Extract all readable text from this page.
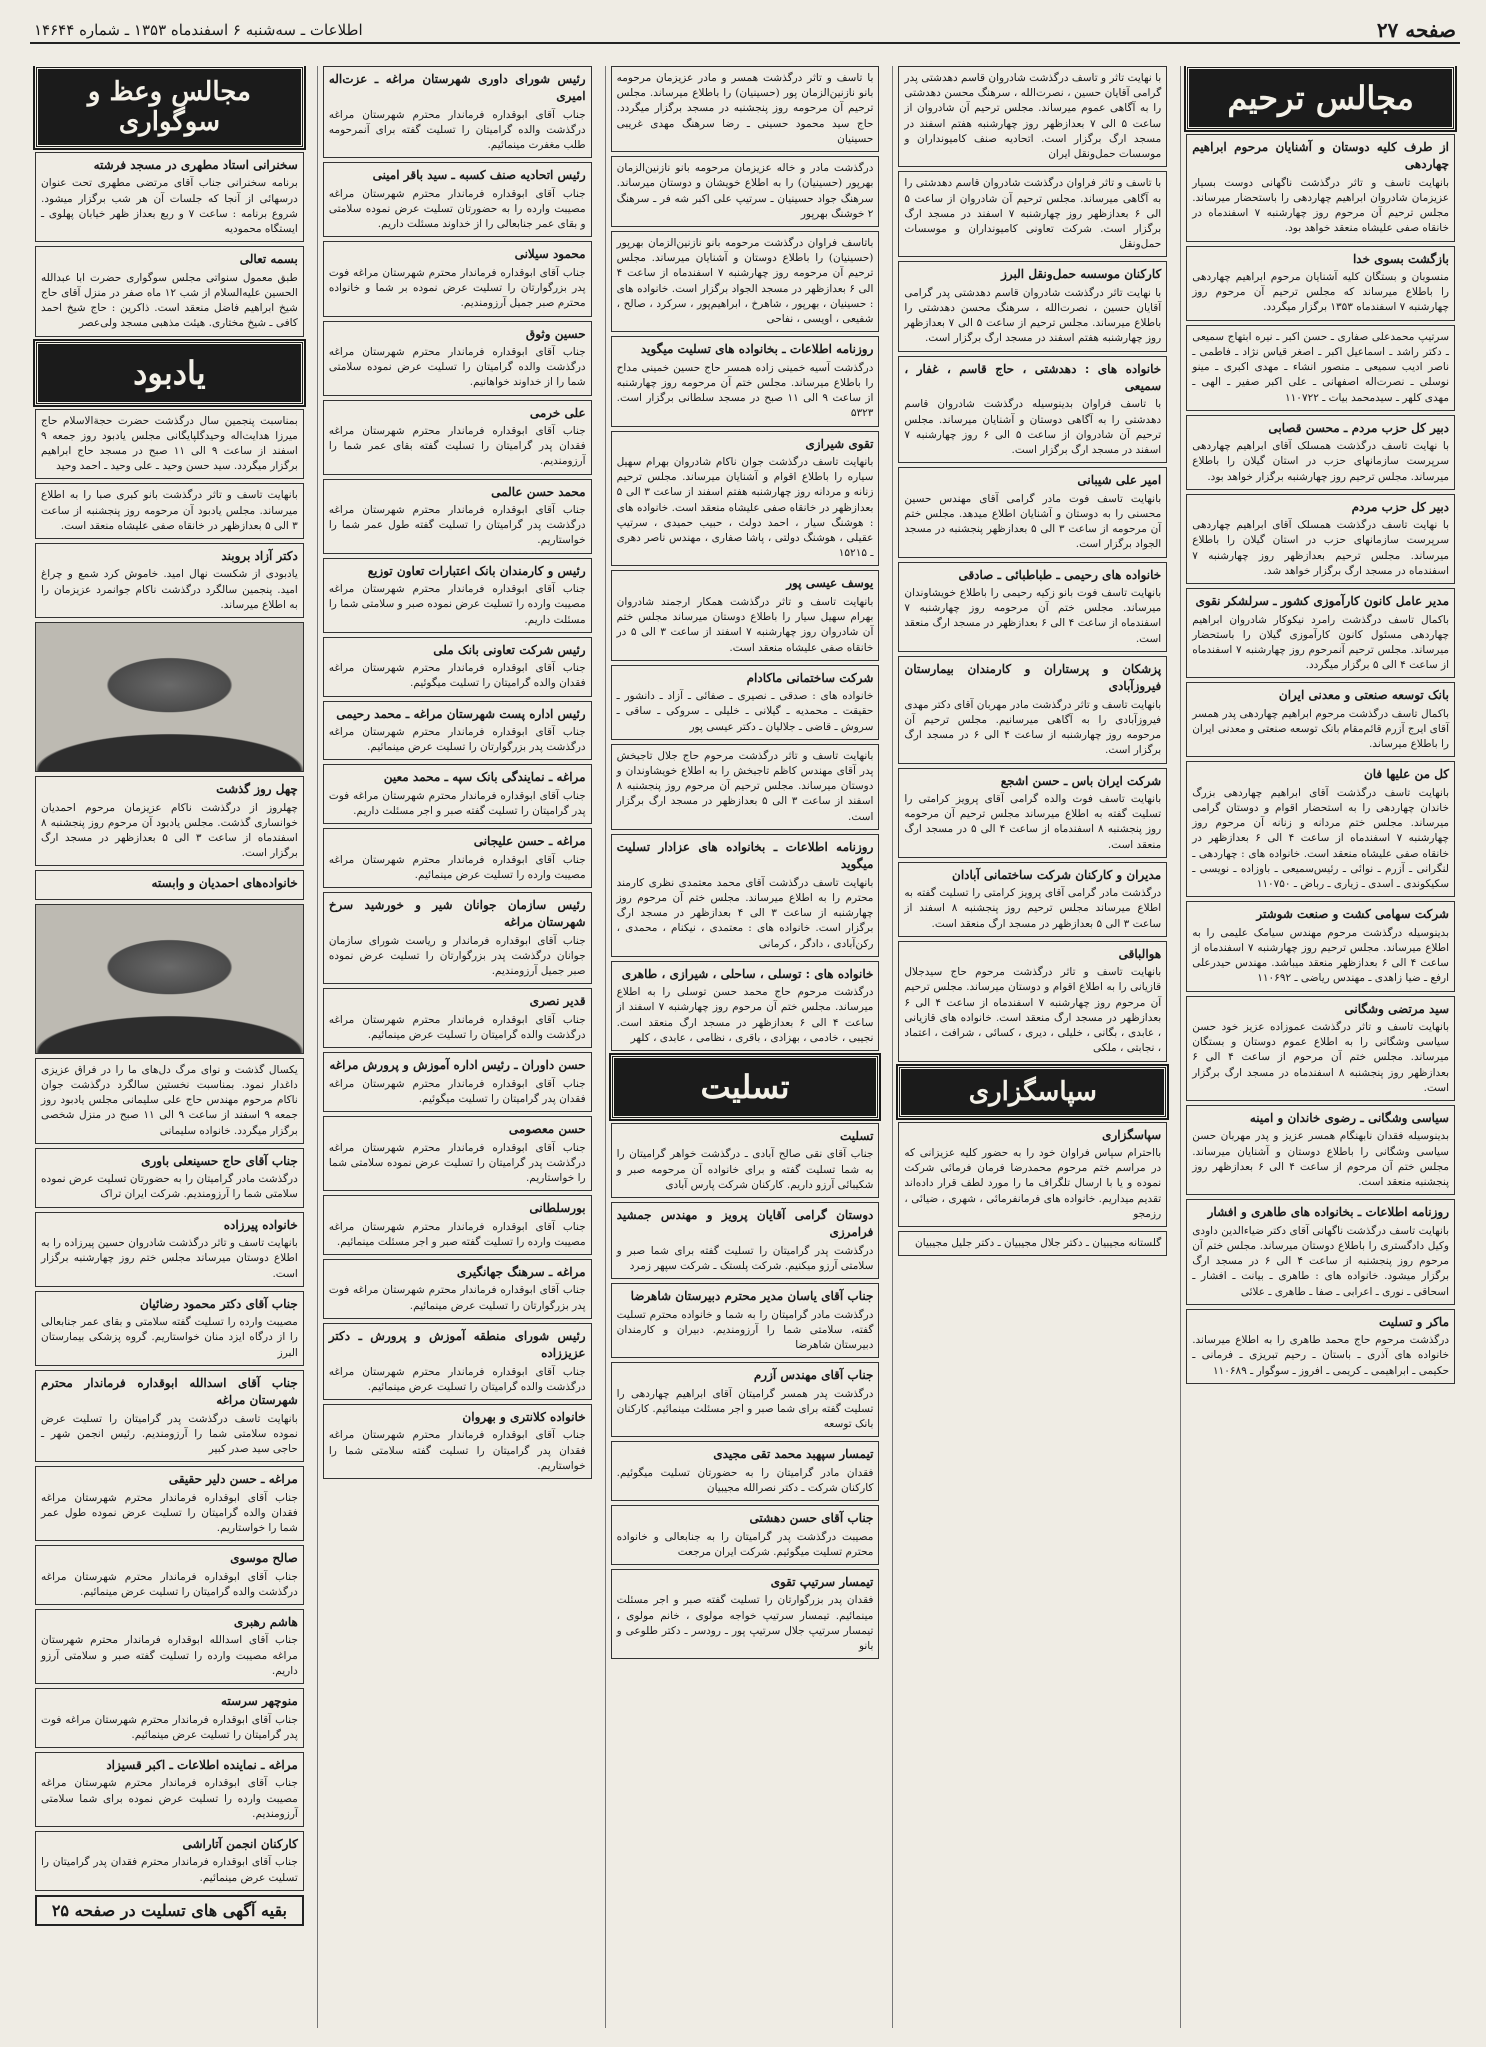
صفحه ۲۷
اطلاعات ـ سه‌شنبه ۶ اسفندماه ۱۳۵۳ ـ شماره ۱۴۶۴۴
مجالس ترحیم
از طرف کلیه دوستان و آشنایان مرحوم ابراهیم چهاردهی
بانهایت تاسف و تاثر درگذشت ناگهانی دوست بسیار عزیزمان شادروان ابراهیم چهاردهی را باستحضار میرساند. مجلس ترحیم آن مرحوم روز چهارشنبه ۷ اسفندماه در خانقاه صفی علیشاه منعقد خواهد بود.
بازگشت بسوی خدا
منسوبان و بستگان کلیه آشنایان مرحوم ابراهیم چهاردهی را باطلاع میرساند که مجلس ترحیم آن مرحوم روز چهارشنبه ۷ اسفندماه ۱۳۵۳ برگزار میگردد.
سرتیپ محمدعلی صفاری ـ حسن اکبر ـ نیره ابتهاج سمیعی ـ دکتر راشد ـ اسماعیل اکبر ـ اصغر قیاس نژاد ـ فاطمی ـ ناصر ادیب سمیعی ـ منصور انشاء ـ مهدی اکبری ـ مینو نوسلی ـ نصرت‌اله اصفهانی ـ علی اکبر صفیر ـ الهی ـ مهدی کلهر ـ سیدمحمد بیات ـ ۱۱۰۷۲۲
دبیر کل حزب مردم ـ محسن قصابی
با نهایت تاسف درگذشت همسلک آقای ابراهیم چهاردهی سرپرست سازمانهای حزب در استان گیلان را باطلاع میرساند. مجلس ترحیم روز چهارشنبه برگزار خواهد بود.
دبیر کل حزب مردم
با نهایت تاسف درگذشت همسلک آقای ابراهیم چهاردهی سرپرست سازمانهای حزب در استان گیلان را باطلاع میرساند. مجلس ترحیم بعدازظهر روز چهارشنبه ۷ اسفندماه در مسجد ارگ برگزار خواهد شد.
مدیر عامل کانون کارآموزی کشور ـ سرلشکر نقوی
باکمال تاسف درگذشت رامرد نیکوکار شادروان ابراهیم چهاردهی مسئول کانون کارآموزی گیلان را باستحضار میرساند. مجلس ترحیم آنمرحوم روز چهارشنبه ۷ اسفندماه از ساعت ۴ الی ۵ برگزار میگردد.
بانک توسعه صنعتی و معدنی ایران
باکمال تاسف درگذشت مرحوم ابراهیم چهاردهی پدر همسر آقای ایرج آزرم قائم‌مقام بانک توسعه صنعتی و معدنی ایران را باطلاع میرساند.
کل من علیها فان
بانهایت تاسف درگذشت آقای ابراهیم چهاردهی بزرگ خاندان چهاردهی را به استحضار اقوام و دوستان گرامی میرساند. مجلس ختم مردانه و زنانه آن مرحوم روز چهارشنبه ۷ اسفندماه از ساعت ۴ الی ۶ بعدازظهر در خانقاه صفی علیشاه منعقد است. خانواده های : چهاردهی ـ لنگرانی ـ آزرم ـ نوائی ـ رئیس‌سمیعی ـ باوزاده ـ نویسی ـ سکیکوندی ـ اسدی ـ زیاری ـ رباض ـ ۱۱۰۷۵۰
شرکت سهامی کشت و صنعت شوشتر
بدینوسیله درگذشت مرحوم مهندس سیامک علیمی را به اطلاع میرساند. مجلس ترحیم روز چهارشنبه ۷ اسفندماه از ساعت ۴ الی ۶ بعدازظهر منعقد میباشد. مهندس حیدرعلی ارفع ـ ضیا زاهدی ـ مهندس ریاضی ـ ۱۱۰۶۹۲
سید مرتضی وشگانی
بانهایت تاسف و تاثر درگذشت عموزاده عزیز خود حسن سیاسی وشگانی را به اطلاع عموم دوستان و بستگان میرساند. مجلس ختم آن مرحوم از ساعت ۴ الی ۶ بعدازظهر روز پنجشنبه ۸ اسفندماه در مسجد ارگ برگزار است.
سیاسی وشگانی ـ رضوی خاندان و امینه
بدینوسیله فقدان نابهنگام همسر عزیز و پدر مهربان حسن سیاسی وشگانی را باطلاع دوستان و آشنایان میرساند. مجلس ختم آن مرحوم از ساعت ۴ الی ۶ بعدازظهر روز پنجشنبه منعقد است.
روزنامه اطلاعات ـ بخانواده های طاهری و افشار
بانهایت تاسف درگذشت ناگهانی آقای دکتر ضیاءالدین داودی وکیل دادگستری را باطلاع دوستان میرساند. مجلس ختم آن مرحوم روز پنجشنبه از ساعت ۴ الی ۶ در مسجد ارگ برگزار میشود. خانواده های : طاهری ـ بیانت ـ افشار ـ اسحاقی ـ نوری ـ اعرابی ـ صفا ـ طاهری ـ علائی
ماکر و تسلیت
درگذشت مرحوم حاج محمد طاهری را به اطلاع میرساند. خانواده های آذری ـ باستان ـ رحیم تبریزی ـ فرمانی ـ حکیمی ـ ابراهیمی ـ کریمی ـ افروز ـ سوگوار ـ ۱۱۰۶۸۹
با نهایت تاثر و تاسف درگذشت شادروان قاسم دهدشتی پدر گرامی آقایان حسین ، نصرت‌الله ، سرهنگ محسن دهدشتی را به آگاهی عموم میرساند. مجلس ترحیم آن شادروان از ساعت ۵ الی ۷ بعدازظهر روز چهارشنبه هفتم اسفند در مسجد ارگ برگزار است. اتحادیه صنف کامیونداران و موسسات حمل‌ونقل ایران
با تاسف و تاثر فراوان درگذشت شادروان قاسم دهدشتی را به آگاهی میرساند. مجلس ترحیم آن شادروان از ساعت ۵ الی ۶ بعدازظهر روز چهارشنبه ۷ اسفند در مسجد ارگ برگزار است. شرکت تعاونی کامیونداران و موسسات حمل‌ونقل
کارکنان موسسه حمل‌ونقل البرز
با نهایت تاثر درگذشت شادروان قاسم دهدشتی پدر گرامی آقایان حسین ، نصرت‌الله ، سرهنگ محسن دهدشتی را باطلاع میرساند. مجلس ترحیم از ساعت ۵ الی ۷ بعدازظهر روز چهارشنبه هفتم اسفند در مسجد ارگ برگزار است.
خانواده های : دهدشتی ، حاج قاسم ، غفار ، سمیعی
با تاسف فراوان بدینوسیله درگذشت شادروان قاسم دهدشتی را به آگاهی دوستان و آشنایان میرساند. مجلس ترحیم آن شادروان از ساعت ۵ الی ۶ روز چهارشنبه ۷ اسفند در مسجد ارگ برگزار است.
امیر علی شیبانی
بانهایت تاسف فوت مادر گرامی آقای مهندس حسین محسنی را به دوستان و آشنایان اطلاع میدهد. مجلس ختم آن مرحومه از ساعت ۳ الی ۵ بعدازظهر پنجشنبه در مسجد الجواد برگزار است.
خانواده های رحیمی ـ طباطبائی ـ صادقی
بانهایت تاسف فوت بانو زکیه رحیمی را باطلاع خویشاوندان میرساند. مجلس ختم آن مرحومه روز چهارشنبه ۷ اسفندماه از ساعت ۴ الی ۶ بعدازظهر در مسجد ارگ منعقد است.
پزشکان و پرستاران و کارمندان بیمارستان فیروزآبادی
بانهایت تاسف و تاثر درگذشت مادر مهربان آقای دکتر مهدی فیروزآبادی را به آگاهی میرسانیم. مجلس ترحیم آن مرحومه روز چهارشنبه از ساعت ۴ الی ۶ در مسجد ارگ برگزار است.
شرکت ایران باس ـ حسن اشجع
بانهایت تاسف فوت والده گرامی آقای پرویز کرامتی را تسلیت گفته به اطلاع میرساند مجلس ترحیم آن مرحومه روز پنجشنبه ۸ اسفندماه از ساعت ۴ الی ۵ در مسجد ارگ منعقد است.
مدیران و کارکنان شرکت ساختمانی آبادان
درگذشت مادر گرامی آقای پرویز کرامتی را تسلیت گفته به اطلاع میرساند مجلس ترحیم روز پنجشنبه ۸ اسفند از ساعت ۳ الی ۵ بعدازظهر در مسجد ارگ منعقد است.
هوالباقی
بانهایت تاسف و تاثر درگذشت مرحوم حاج سیدجلال قازیانی را به اطلاع اقوام و دوستان میرساند. مجلس ترحیم آن مرحوم روز چهارشنبه ۷ اسفندماه از ساعت ۴ الی ۶ بعدازظهر در مسجد ارگ منعقد است. خانواده های قازیانی ، عابدی ، بگانی ، خلیلی ، دیری ، کسائی ، شرافت ، اعتماد ، نجابتی ، ملکی
سپاسگزاری
سپاسگزاری
بااحترام سپاس فراوان خود را به حضور کلیه عزیزانی که در مراسم ختم مرحوم محمدرضا فرمان فرمائی شرکت نموده و یا با ارسال تلگراف ما را مورد لطف قرار داده‌اند تقدیم میداریم. خانواده های فرمانفرمائی ، شهری ، ضیائی ، رزمجو
گلستانه مجیبیان ـ دکتر جلال مجیبیان ـ دکتر جلیل مجیبیان
با تاسف و تاثر درگذشت همسر و مادر عزیزمان مرحومه بانو نازنین‌الزمان پور (حسینیان) را باطلاع میرساند. مجلس ترحیم آن مرحومه روز پنجشنبه در مسجد برگزار میگردد. حاج سید محمود حسینی ـ رضا سرهنگ مهدی غریبی حسینیان
درگذشت مادر و خاله عزیزمان مرحومه بانو نازنین‌الزمان بهرپور (حسینیان) را به اطلاع خویشان و دوستان میرساند. سرهنگ جواد حسینیان ـ سرتیپ علی اکبر شه فر ـ سرهنگ ۲ خوشنگ بهرپور
باتاسف فراوان درگذشت مرحومه بانو نازنین‌الزمان بهرپور (حسینیان) را باطلاع دوستان و آشنایان میرساند. مجلس ترحیم آن مرحومه روز چهارشنبه ۷ اسفندماه از ساعت ۴ الی ۶ بعدازظهر در مسجد الجواد برگزار است. خانواده های : حسینیان ، بهرپور ، شاهرخ ، ابراهیم‌پور ، سرکرد ، صالح ، شفیعی ، اویسی ، نفاحی
روزنامه اطلاعات ـ بخانواده های تسلیت میگوید
درگذشت آسیه خمینی زاده همسر حاج حسین خمینی مداح را باطلاع میرساند. مجلس ختم آن مرحومه روز چهارشنبه از ساعت ۹ الی ۱۱ صبح در مسجد سلطانی برگزار است. ۵۳۲۳
تقوی شیرازی
بانهایت تاسف درگذشت جوان ناکام شادروان بهرام سهیل سیاره را باطلاع اقوام و آشنایان میرساند. مجلس ترحیم زنانه و مردانه روز چهارشنبه هفتم اسفند از ساعت ۳ الی ۵ بعدازظهر در خانقاه صفی علیشاه منعقد است. خانواده های : هوشنگ سیار ، احمد دولت ، حبیب حمیدی ، سرتیپ عقیلی ، هوشنگ دولتی ، پاشا صفاری ، مهندس ناصر دهری ـ ۱۵۲۱۵
یوسف عیسی پور
بانهایت تاسف و تاثر درگذشت همکار ارجمند شادروان بهرام سهیل سیار را باطلاع دوستان میرساند مجلس ختم آن شادروان روز چهارشنبه ۷ اسفند از ساعت ۳ الی ۵ در خانقاه صفی علیشاه منعقد است.
شرکت ساختمانی ماکادام
خانواده های : صدقی ـ نصیری ـ صفائی ـ آزاد ـ دانشور ـ حقیقت ـ محمدیه ـ گیلانی ـ خلیلی ـ سروکی ـ ساقی ـ سروش ـ قاضی ـ جلالیان ـ دکتر عیسی پور
بانهایت تاسف و تاثر درگذشت مرحوم حاج جلال تاجبخش پدر آقای مهندس کاظم تاجبخش را به اطلاع خویشاوندان و دوستان میرساند. مجلس ترحیم آن مرحوم روز پنجشنبه ۸ اسفند از ساعت ۳ الی ۵ بعدازظهر در مسجد ارگ برگزار است.
روزنامه اطلاعات ـ بخانواده های عزادار تسلیت میگوید
بانهایت تاسف درگذشت آقای محمد معتمدی نظری کارمند محترم را به اطلاع میرساند. مجلس ختم آن مرحوم روز چهارشنبه از ساعت ۳ الی ۴ بعدازظهر در مسجد ارگ برگزار است. خانواده های : معتمدی ، نیکنام ، محمدی ، رکن‌آبادی ، دادگر ، کرمانی
خانواده های : توسلی ، ساحلی ، شیرازی ، طاهری
درگذشت مرحوم حاج محمد حسن توسلی را به اطلاع میرساند. مجلس ختم آن مرحوم روز چهارشنبه ۷ اسفند از ساعت ۴ الی ۶ بعدازظهر در مسجد ارگ منعقد است. نجیبی ، خادمی ، بهزادی ، باقری ، نظامی ، عابدی ، کلهر
تسلیت
تسلیت
جناب آقای نقی صالح آبادی ـ درگذشت خواهر گرامیتان را به شما تسلیت گفته و برای خانواده آن مرحومه صبر و شکیبائی آرزو داریم. کارکنان شرکت پارس آبادی
دوستان گرامی آقایان پرویز و مهندس جمشید فرامرزی
درگذشت پدر گرامیتان را تسلیت گفته برای شما صبر و سلامتی آرزو میکنیم. شرکت پلستک ـ شرکت سپهر زمرد
جناب آقای یاسان مدیر محترم دبیرستان شاهرضا
درگذشت مادر گرامیتان را به شما و خانواده محترم تسلیت گفته، سلامتی شما را آرزومندیم. دبیران و کارمندان دبیرستان شاهرضا
جناب آقای مهندس آزرم
درگذشت پدر همسر گرامیتان آقای ابراهیم چهاردهی را تسلیت گفته برای شما صبر و اجر مسئلت مینمائیم. کارکنان بانک توسعه
تیمسار سپهبد محمد تقی مجیدی
فقدان مادر گرامیتان را به حضورتان تسلیت میگوئیم. کارکنان شرکت ـ دکتر نصرالله مجیبیان
جناب آقای حسن دهشتی
مصیبت درگذشت پدر گرامیتان را به جنابعالی و خانواده محترم تسلیت میگوئیم. شرکت ایران مرجعت
تیمسار سرتیپ تقوی
فقدان پدر بزرگوارتان را تسلیت گفته صبر و اجر مسئلت مینمائیم. تیمسار سرتیپ خواجه مولوی ، خانم مولوی ، تیمسار سرتیپ جلال سرتیپ پور ـ رودسر ـ دکتر طلوعی و بانو
رئیس شورای داوری شهرستان مراغه ـ عزت‌اله امیری
جناب آقای ابوقداره فرماندار محترم شهرستان مراغه درگذشت والده گرامیتان را تسلیت گفته برای آنمرحومه طلب مغفرت مینمائیم.
رئیس اتحادیه صنف کسبه ـ سید باقر امینی
جناب آقای ابوقداره فرماندار محترم شهرستان مراغه مصیبت وارده را به حضورتان تسلیت عرض نموده سلامتی و بقای عمر جنابعالی را از خداوند مسئلت داریم.
محمود سیلانی
جناب آقای ابوقداره فرماندار محترم شهرستان مراغه فوت پدر بزرگوارتان را تسلیت عرض نموده بر شما و خانواده محترم صبر جمیل آرزومندیم.
حسین وثوق
جناب آقای ابوقداره فرماندار محترم شهرستان مراغه درگذشت والده گرامیتان را تسلیت عرض نموده سلامتی شما را از خداوند خواهانیم.
علی خرمی
جناب آقای ابوقداره فرماندار محترم شهرستان مراغه فقدان پدر گرامیتان را تسلیت گفته بقای عمر شما را آرزومندیم.
محمد حسن عالمی
جناب آقای ابوقداره فرماندار محترم شهرستان مراغه درگذشت پدر گرامیتان را تسلیت گفته طول عمر شما را خواستاریم.
رئیس و کارمندان بانک اعتبارات تعاون توزیع
جناب آقای ابوقداره فرماندار محترم شهرستان مراغه مصیبت وارده را تسلیت عرض نموده صبر و سلامتی شما را مسئلت داریم.
رئیس شرکت تعاونی بانک ملی
جناب آقای ابوقداره فرماندار محترم شهرستان مراغه فقدان والده گرامیتان را تسلیت میگوئیم.
رئیس اداره پست شهرستان مراغه ـ محمد رحیمی
جناب آقای ابوقداره فرماندار محترم شهرستان مراغه درگذشت پدر بزرگوارتان را تسلیت عرض مینمائیم.
مراغه ـ نمایندگی بانک سپه ـ محمد معین
جناب آقای ابوقداره فرماندار محترم شهرستان مراغه فوت پدر گرامیتان را تسلیت گفته صبر و اجر مسئلت داریم.
مراغه ـ حسن علیجانی
جناب آقای ابوقداره فرماندار محترم شهرستان مراغه مصیبت وارده را تسلیت عرض مینمائیم.
رئیس سازمان جوانان شیر و خورشید سرخ شهرستان مراغه
جناب آقای ابوقداره فرماندار و ریاست شورای سازمان جوانان درگذشت پدر بزرگوارتان را تسلیت عرض نموده صبر جمیل آرزومندیم.
قدیر نصری
جناب آقای ابوقداره فرماندار محترم شهرستان مراغه درگذشت والده گرامیتان را تسلیت عرض مینمائیم.
حسن داوران ـ رئیس اداره آموزش و پرورش مراغه
جناب آقای ابوقداره فرماندار محترم شهرستان مراغه فقدان پدر گرامیتان را تسلیت میگوئیم.
حسن معصومی
جناب آقای ابوقداره فرماندار محترم شهرستان مراغه درگذشت پدر گرامیتان را تسلیت عرض نموده سلامتی شما را خواستاریم.
بورسلطانی
جناب آقای ابوقداره فرماندار محترم شهرستان مراغه مصیبت وارده را تسلیت گفته صبر و اجر مسئلت مینمائیم.
مراغه ـ سرهنگ جهانگیری
جناب آقای ابوقداره فرماندار محترم شهرستان مراغه فوت پدر بزرگوارتان را تسلیت عرض مینمائیم.
رئیس شورای منطقه آموزش و پرورش ـ دکتر عزیززاده
جناب آقای ابوقداره فرماندار محترم شهرستان مراغه درگذشت والده گرامیتان را تسلیت عرض مینمائیم.
خانواده کلانتری و بهروان
جناب آقای ابوقداره فرماندار محترم شهرستان مراغه فقدان پدر گرامیتان را تسلیت گفته سلامتی شما را خواستاریم.
مجالس وعظ و سوگواری
سخنرانی استاد مطهری در مسجد فرشته
برنامه سخنرانی جناب آقای مرتضی مطهری تحت عنوان درسهائی از آنجا که جلسات آن هر شب برگزار میشود. شروع برنامه : ساعت ۷ و ربع بعداز ظهر خیابان پهلوی ـ ایستگاه محمودیه
بسمه تعالی
طبق معمول سنواتی مجلس سوگواری حضرت ابا عبدالله الحسین علیه‌السلام از شب ۱۲ ماه صفر در منزل آقای حاج شیخ ابراهیم فاضل منعقد است. ذاکرین : حاج شیخ احمد کافی ـ شیخ مختاری. هیئت مذهبی مسجد ولی‌عصر
یادبود
بمناسبت پنجمین سال درگذشت حضرت حجة‌الاسلام حاج میرزا هدایت‌اله وحیدگلپایگانی مجلس یادبود روز جمعه ۹ اسفند از ساعت ۹ الی ۱۱ صبح در مسجد حاج ابراهیم برگزار میگردد. سید حسن وحید ـ علی وحید ـ احمد وحید
بانهایت تاسف و تاثر درگذشت بانو کبری صبا را به اطلاع میرساند. مجلس یادبود آن مرحومه روز پنجشنبه از ساعت ۳ الی ۵ بعدازظهر در خانقاه صفی علیشاه منعقد است.
دکتر آزاد بروبند
یادبودی از شکست نهال امید. خاموش کرد شمع و چراغ امید. پنجمین سالگرد درگذشت ناکام جوانمرد عزیزمان را به اطلاع میرساند.
چهل روز گذشت
چهلروز از درگذشت ناکام عزیزمان مرحوم احمدیان خوانساری گذشت. مجلس یادبود آن مرحوم روز پنجشنبه ۸ اسفندماه از ساعت ۳ الی ۵ بعدازظهر در مسجد ارگ برگزار است.
خانواده‌های احمدیان و وابسته
یکسال گذشت و نوای مرگ دل‌های ما را در فراق عزیزی داغدار نمود. بمناسبت نخستین سالگرد درگذشت جوان ناکام مرحوم مهندس حاج علی سلیمانی مجلس یادبود روز جمعه ۹ اسفند از ساعت ۹ الی ۱۱ صبح در منزل شخصی برگزار میگردد. خانواده سلیمانی
جناب آقای حاج حسینعلی باوری
درگذشت مادر گرامیتان را به حضورتان تسلیت عرض نموده سلامتی شما را آرزومندیم. شرکت ایران تراک
خانواده پیرزاده
بانهایت تاسف و تاثر درگذشت شادروان حسین پیرزاده را به اطلاع دوستان میرساند مجلس ختم روز چهارشنبه برگزار است.
جناب آقای دکتر محمود رضائیان
مصیبت وارده را تسلیت گفته سلامتی و بقای عمر جنابعالی را از درگاه ایزد منان خواستاریم. گروه پزشکی بیمارستان البرز
جناب آقای اسدالله ابوقداره فرماندار محترم شهرستان مراغه
بانهایت تاسف درگذشت پدر گرامیتان را تسلیت عرض نموده سلامتی شما را آرزومندیم. رئیس انجمن شهر ـ حاجی سید صدر کبیر
مراغه ـ حسن دلیر حقیقی
جناب آقای ابوقداره فرماندار محترم شهرستان مراغه فقدان والده گرامیتان را تسلیت عرض نموده طول عمر شما را خواستاریم.
صالح موسوی
جناب آقای ابوقداره فرماندار محترم شهرستان مراغه درگذشت والده گرامیتان را تسلیت عرض مینمائیم.
هاشم رهبری
جناب آقای اسدالله ابوقداره فرماندار محترم شهرستان مراغه مصیبت وارده را تسلیت گفته صبر و سلامتی آرزو داریم.
منوچهر سرسته
جناب آقای ابوقداره فرماندار محترم شهرستان مراغه فوت پدر گرامیتان را تسلیت عرض مینمائیم.
مراغه ـ نماینده اطلاعات ـ اکبر قسیزاد
جناب آقای ابوقداره فرماندار محترم شهرستان مراغه مصیبت وارده را تسلیت عرض نموده برای شما سلامتی آرزومندیم.
کارکنان انجمن آتاراشی
جناب آقای ابوقداره فرماندار محترم فقدان پدر گرامیتان را تسلیت عرض مینمائیم.
بقیه آگهی های تسلیت در صفحه ۲۵
